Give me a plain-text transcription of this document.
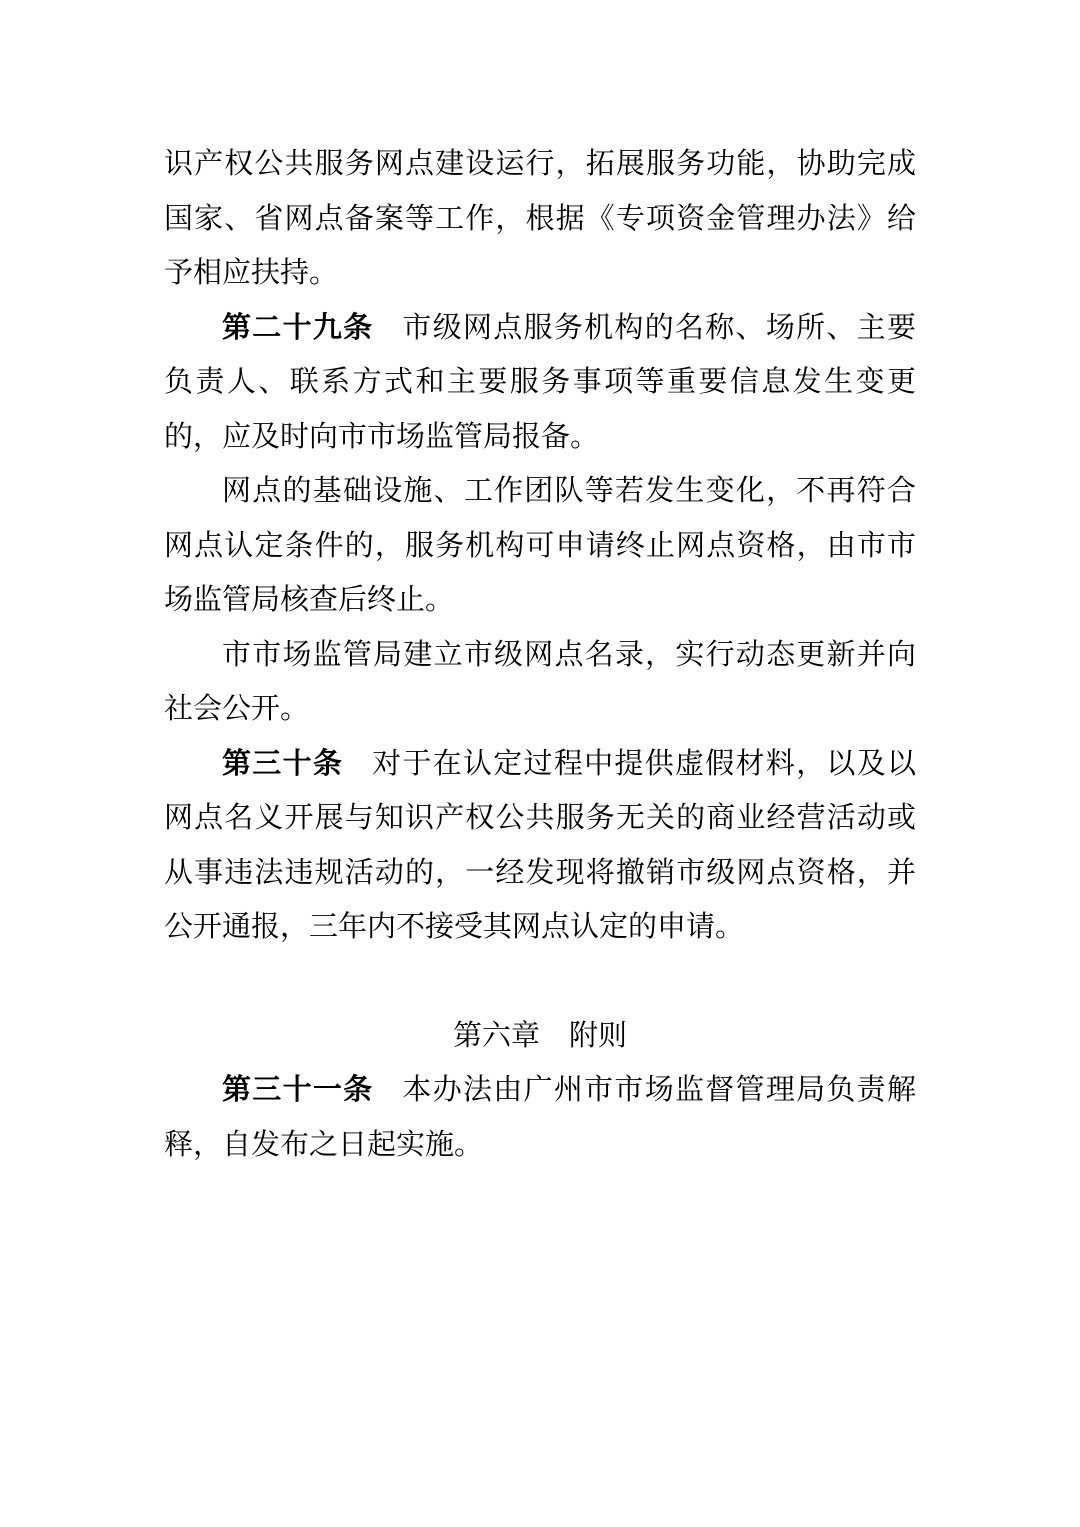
识产权公共服务网点建设运行，拓展服务功能，协助完成国家、省网点备案等工作，根据《专项资金管理办法》给予相应扶持。

第二十九条 市级网点服务机构的名称、场所、主要负责人、联系方式和主要服务事项等重要信息发生变更的，应及时向市市场监管局报备。

网点的基础设施、工作团队等若发生变化，不再符合网点认定条件的，服务机构可申请终止网点资格，由市市场监管局核查后终止。

市市场监管局建立市级网点名录，实行动态更新并向社会公开。

第三十条 对于在认定过程中提供虚假材料，以及以网点名义开展与知识产权公共服务无关的商业经营活动或从事违法违规活动的，一经发现将撤销市级网点资格，并公开通报，三年内不接受其网点认定的申请。

第六章 附则

第三十一条 本办法由广州市市场监督管理局负责解释，自发布之日起实施。
